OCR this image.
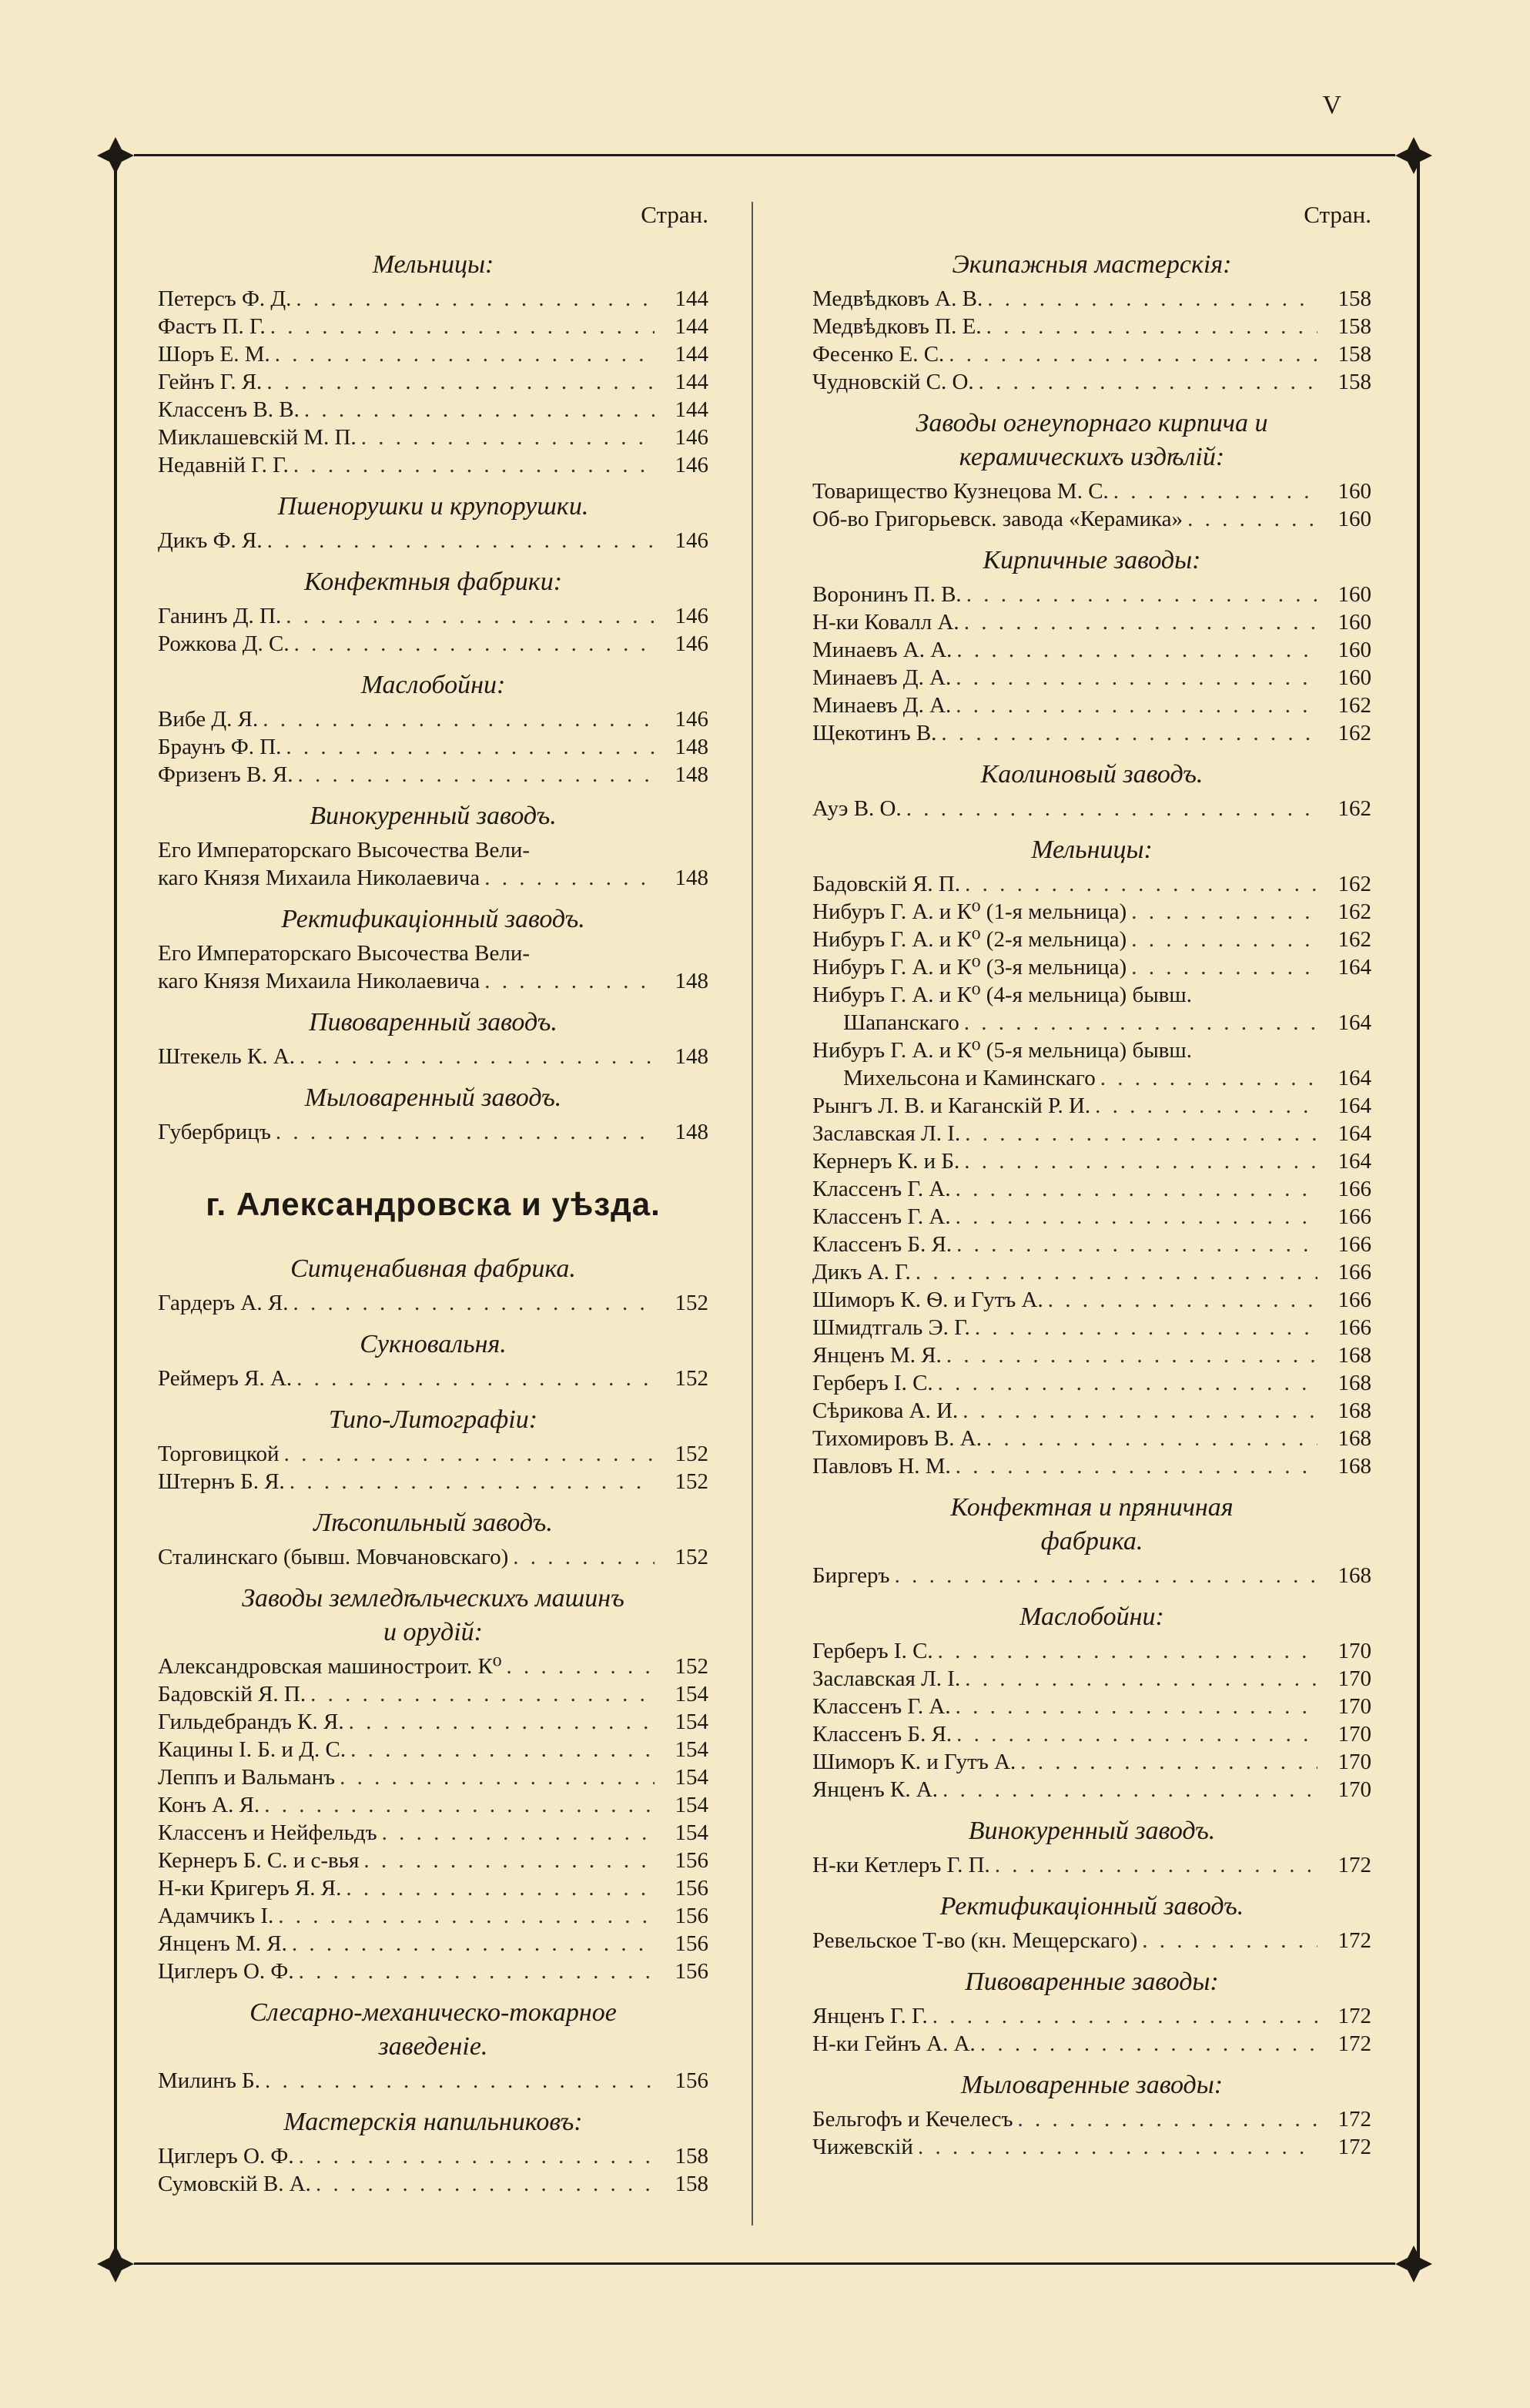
V
Стран.
Мельницы:
Петерсъ Ф. Д. . . .	144
Фастъ П. Г. . . .	144
Шоръ Е. М. . . .	144
Гейнъ Г. Я. . . .	144
Классенъ В. В. . . .	144
Миклашевскій М. П. . . .	146
Недавній Г. Г. . . .	146
Пшенорушки и крупорушки.
Дикъ Ф. Я. . . .	146
Конфектныя фабрики:
Ганинъ Д. П. . . .	146
Рожкова Д. С. . . .	146
Маслобойни:
Вибе Д. Я. . . .	146
Браунъ Ф. П. . . .	148
Фризенъ В. Я. . . .	148
Винокуренный заводъ.
Его Императорскаго Высочества Вели-
каго Князя Михаила Николаевича . . .	148
Ректификаціонный заводъ.
Его Императорскаго Высочества Вели-
каго Князя Михаила Николаевича . . .	148
Пивоваренный заводъ.
Штекель К. А. . . .	148
Мыловаренный заводъ.
Губербрицъ . . .	148
г. Александровска и уѣзда.
Ситценабивная фабрика.
Гардеръ А. Я. . . .	152
Сукновальня.
Реймеръ Я. А. . . .	152
Типо-Литографіи:
Торговицкой . . .	152
Штернъ Б. Я. . . .	152
Лѣсопильный заводъ.
Сталинскаго (бывш. Мовчановскаго) . . .	152
Заводы земледѣльческихъ машинъ
и орудій:
Александровская машиностроит. К⁰ . . .	152
Бадовскій Я. П. . . .	154
Гильдебрандъ К. Я. . . .	154
Кацины І. Б. и Д. С. . . .	154
Леппъ и Вальманъ . . .	154
Конъ А. Я. . . .	154
Классенъ и Нейфельдъ . . .	154
Кернеръ Б. С. и с-вья . . .	156
Н-ки Кригеръ Я. Я. . . .	156
Адамчикъ І. . . .	156
Янценъ М. Я. . . .	156
Циглеръ О. Ф. . . .	156
Слесарно-механическо-токарное
заведеніе.
Милинъ Б. . . .	156
Мастерскія напильниковъ:
Циглеръ О. Ф. . . .	158
Сумовскій В. А. . . .	158
Стран.
Экипажныя мастерскія:
Медвѣдковъ А. В. . . .	158
Медвѣдковъ П. Е. . . .	158
Фесенко Е. С. . . .	158
Чудновскій С. О. . . .	158
Заводы огнеупорнаго кирпича и
керамическихъ издѣлій:
Товарищество Кузнецова М. С. . . .	160
Об-во Григорьевск. завода «Керамика» . . .	160
Кирпичные заводы:
Воронинъ П. В. . . .	160
Н-ки Ковалл А. . . .	160
Минаевъ А. А. . . .	160
Минаевъ Д. А. . . .	160
Минаевъ Д. А. . . .	162
Щекотинъ В. . . .	162
Каолиновый заводъ.
Ауэ В. О. . . .	162
Мельницы:
Бадовскій Я. П. . . .	162
Нибуръ Г. А. и К⁰ (1-я мельница) . . .	162
Нибуръ Г. А. и К⁰ (2-я мельница) . . .	162
Нибуръ Г. А. и К⁰ (3-я мельница) . . .	164
Нибуръ Г. А. и К⁰ (4-я мельница) бывш.
Шапанскаго . . .	164
Нибуръ Г. А. и К⁰ (5-я мельница) бывш.
Михельсона и Каминскаго . . .	164
Рынгъ Л. В. и Каганскій Р. И. . . .	164
Заславская Л. І. . . .	164
Кернеръ К. и Б. . . .	164
Классенъ Г. А. . . .	166
Классенъ Г. А. . . .	166
Классенъ Б. Я. . . .	166
Дикъ А. Г. . . .	166
Шиморъ К. Ѳ. и Гутъ А. . . .	166
Шмидтгаль Э. Г. . . .	166
Янценъ М. Я. . . .	168
Герберъ І. С. . . .	168
Сѣрикова А. И. . . .	168
Тихомировъ В. А. . . .	168
Павловъ Н. М. . . .	168
Конфектная и пряничная
фабрика.
Биргеръ . . .	168
Маслобойни:
Герберъ І. С. . . .	170
Заславская Л. І. . . .	170
Классенъ Г. А. . . .	170
Классенъ Б. Я. . . .	170
Шиморъ К. и Гутъ А. . . .	170
Янценъ К. А. . . .	170
Винокуренный заводъ.
Н-ки Кетлеръ Г. П. . . .	172
Ректификаціонный заводъ.
Ревельское Т-во (кн. Мещерскаго) . . .	172
Пивоваренные заводы:
Янценъ Г. Г. . . .	172
Н-ки Гейнъ А. А. . . .	172
Мыловаренные заводы:
Бельгофъ и Кечелесъ . . .	172
Чижевскій . . .	172
